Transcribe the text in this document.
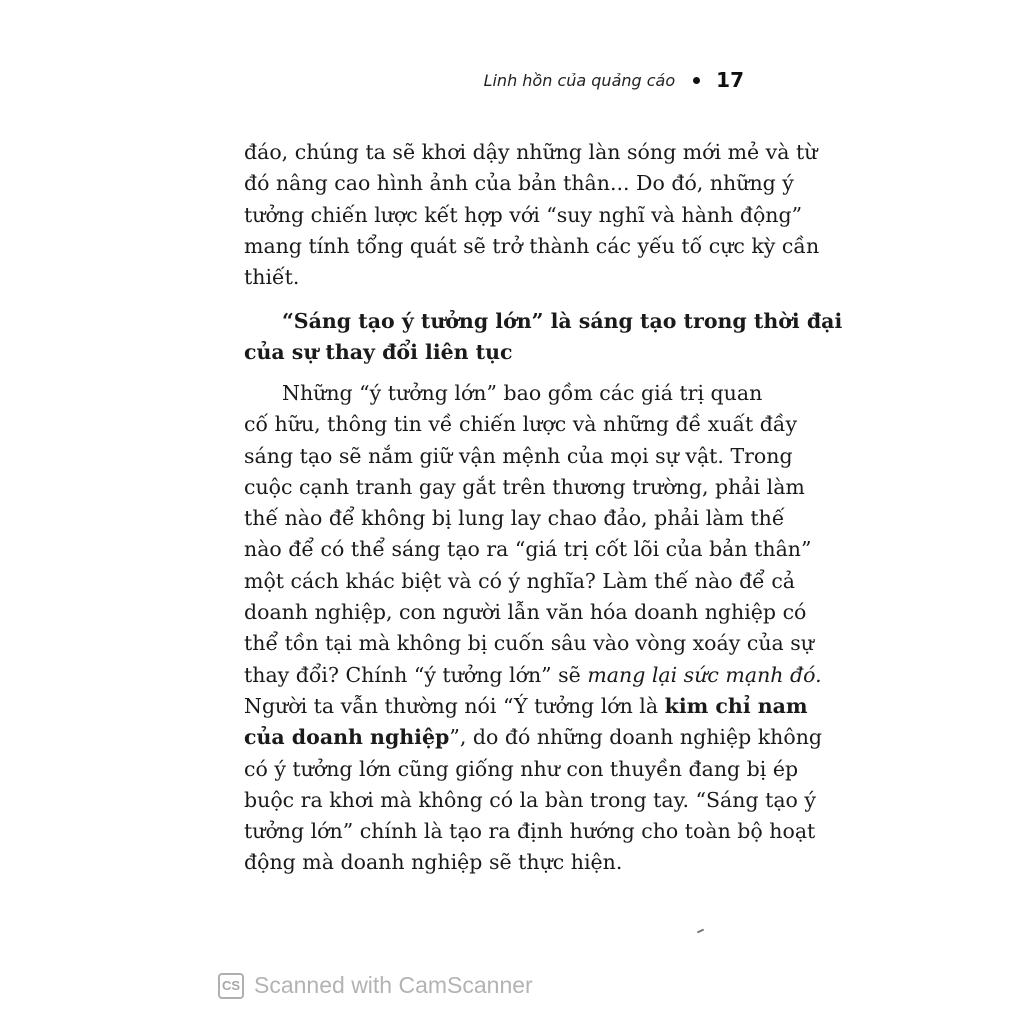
Linh hồn của quảng cáo 17
đáo, chúng ta sẽ khơi dậy những làn sóng mới mẻ và từ
đó nâng cao hình ảnh của bản thân... Do đó, những ý
tưởng chiến lược kết hợp với “suy nghĩ và hành động”
mang tính tổng quát sẽ trở thành các yếu tố cực kỳ cần
thiết.
“Sáng tạo ý tưởng lớn” là sáng tạo trong thời đại
của sự thay đổi liên tục
Những “ý tưởng lớn” bao gồm các giá trị quan
cố hữu, thông tin về chiến lược và những đề xuất đầy
sáng tạo sẽ nắm giữ vận mệnh của mọi sự vật. Trong
cuộc cạnh tranh gay gắt trên thương trường, phải làm
thế nào để không bị lung lay chao đảo, phải làm thế
nào để có thể sáng tạo ra “giá trị cốt lõi của bản thân”
một cách khác biệt và có ý nghĩa? Làm thế nào để cả
doanh nghiệp, con người lẫn văn hóa doanh nghiệp có
thể tồn tại mà không bị cuốn sâu vào vòng xoáy của sự
thay đổi? Chính “ý tưởng lớn” sẽ mang lại sức mạnh đó.
Người ta vẫn thường nói “Ý tưởng lớn là kim chỉ nam
của doanh nghiệp”, do đó những doanh nghiệp không
có ý tưởng lớn cũng giống như con thuyền đang bị ép
buộc ra khơi mà không có la bàn trong tay. “Sáng tạo ý
tưởng lớn” chính là tạo ra định hướng cho toàn bộ hoạt
động mà doanh nghiệp sẽ thực hiện.
CS Scanned with CamScanner
